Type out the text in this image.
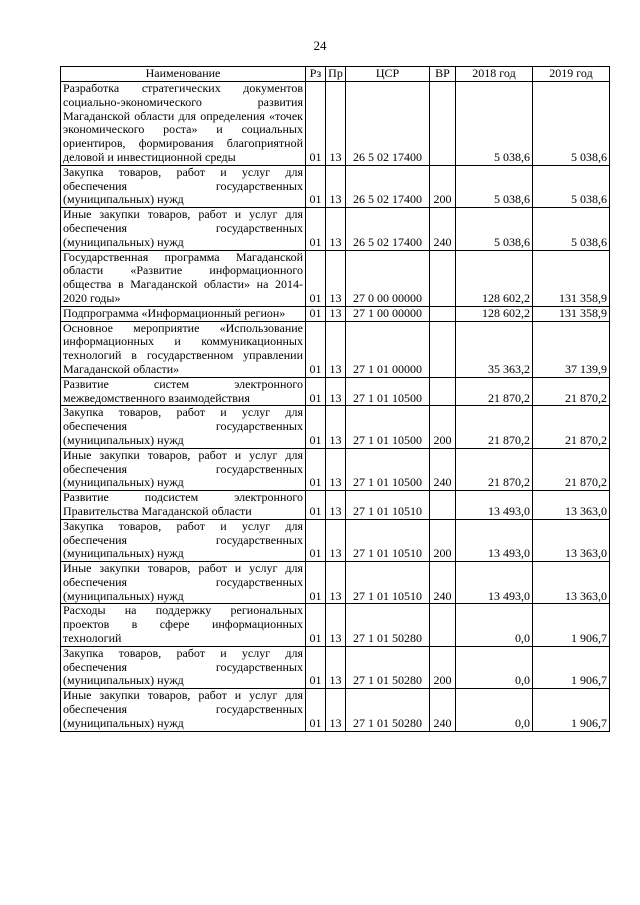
24
Наименование	Рз	Пр	ЦСР	ВР	2018 год	2019 год

Разработка стратегических документов социально-экономического развития Магаданской области для определения «точек экономического роста» и социальных ориентиров, формирования благоприятной деловой и инвестиционной среды	01	13	26 5 02 17400		5 038,6	5 038,6

Закупка товаров, работ и услуг для обеспечения государственных (муниципальных) нужд	01	13	26 5 02 17400	200	5 038,6	5 038,6

Иные закупки товаров, работ и услуг для обеспечения государственных (муниципальных) нужд	01	13	26 5 02 17400	240	5 038,6	5 038,6

Государственная программа Магаданской области «Развитие информационного общества в Магаданской области» на 2014-2020 годы»	01	13	27 0 00 00000		128 602,2	131 358,9

Подпрограмма «Информационный регион»	01	13	27 1 00 00000		128 602,2	131 358,9

Основное мероприятие «Использование информационных и коммуникационных технологий в государственном управлении Магаданской области»	01	13	27 1 01 00000		35 363,2	37 139,9

Развитие систем электронного межведомственного взаимодействия	01	13	27 1 01 10500		21 870,2	21 870,2

Закупка товаров, работ и услуг для обеспечения государственных (муниципальных) нужд	01	13	27 1 01 10500	200	21 870,2	21 870,2

Иные закупки товаров, работ и услуг для обеспечения государственных (муниципальных) нужд	01	13	27 1 01 10500	240	21 870,2	21 870,2

Развитие подсистем электронного Правительства Магаданской области	01	13	27 1 01 10510		13 493,0	13 363,0

Закупка товаров, работ и услуг для обеспечения государственных (муниципальных) нужд	01	13	27 1 01 10510	200	13 493,0	13 363,0

Иные закупки товаров, работ и услуг для обеспечения государственных (муниципальных) нужд	01	13	27 1 01 10510	240	13 493,0	13 363,0

Расходы на поддержку региональных проектов в сфере информационных технологий	01	13	27 1 01 50280		0,0	1 906,7

Закупка товаров, работ и услуг для обеспечения государственных (муниципальных) нужд	01	13	27 1 01 50280	200	0,0	1 906,7

Иные закупки товаров, работ и услуг для обеспечения государственных (муниципальных) нужд	01	13	27 1 01 50280	240	0,0	1 906,7
